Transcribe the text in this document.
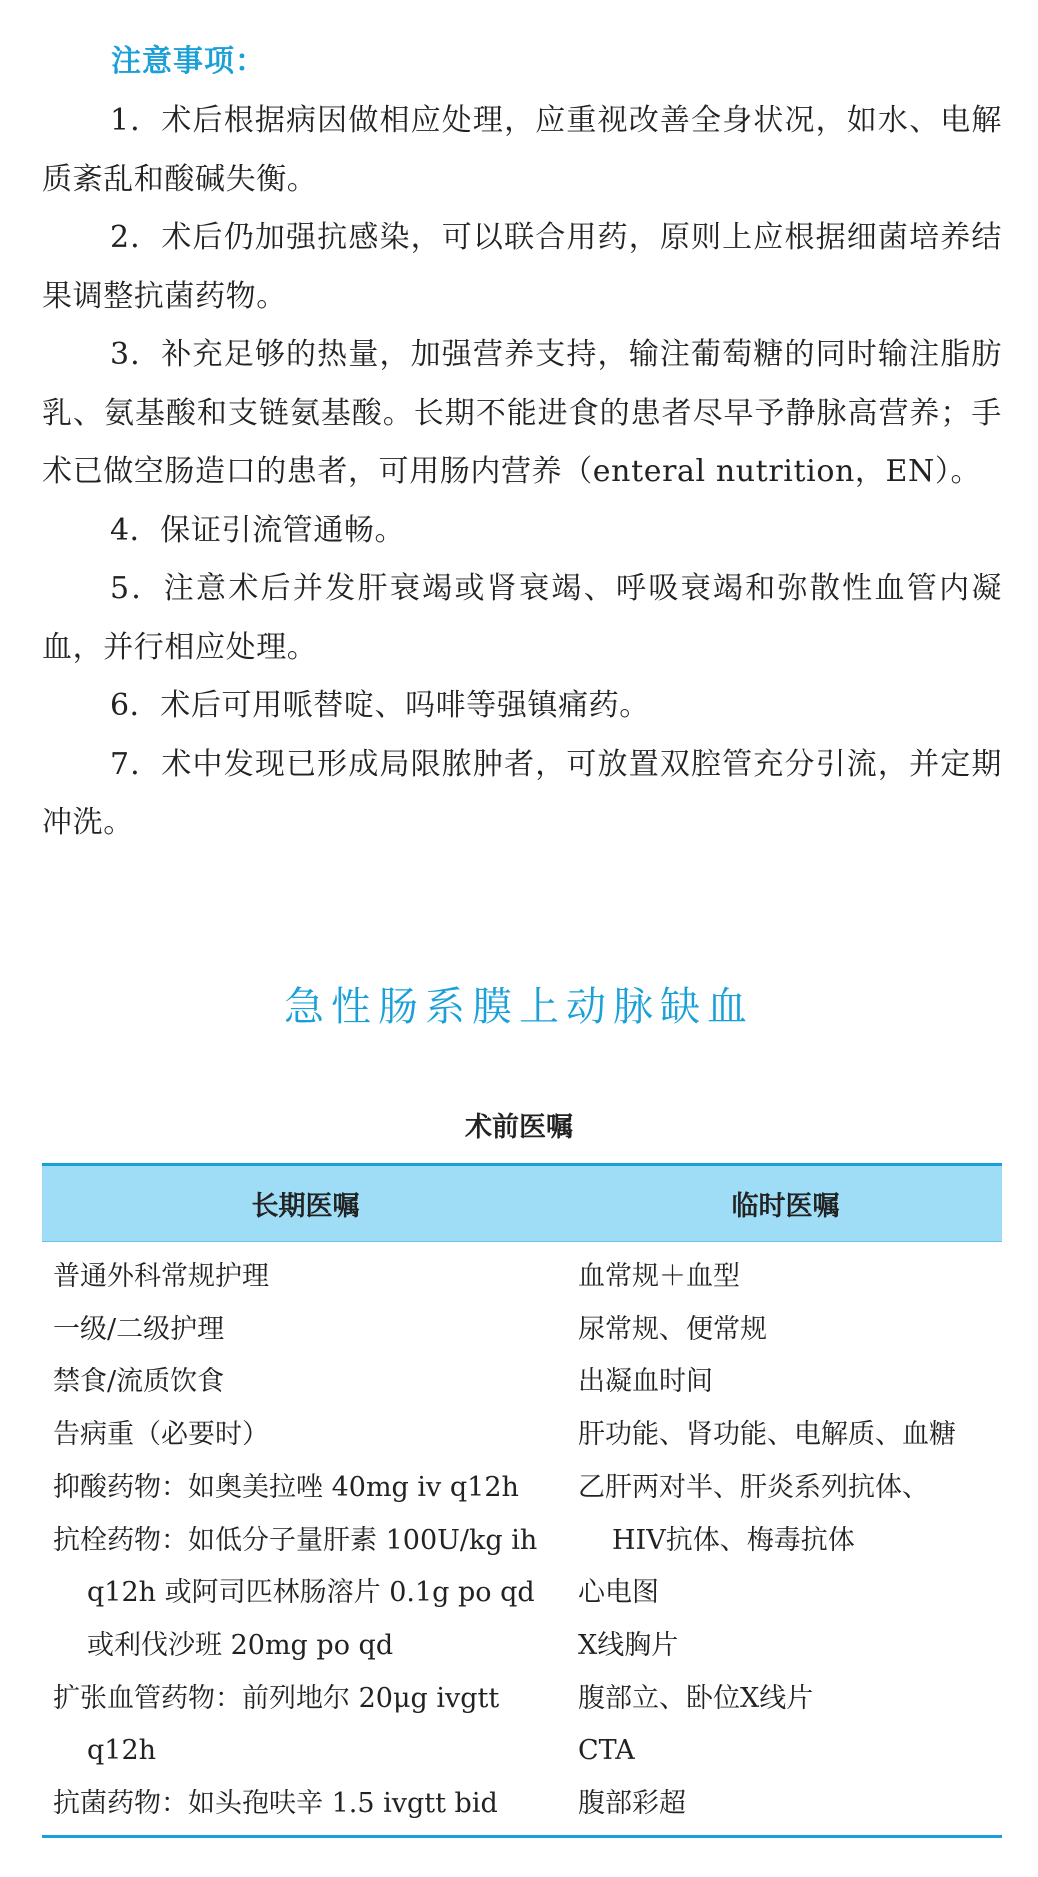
注意事项：

1．术后根据病因做相应处理，应重视改善全身状况，如水、电解质紊乱和酸碱失衡。

2．术后仍加强抗感染，可以联合用药，原则上应根据细菌培养结果调整抗菌药物。

3．补充足够的热量，加强营养支持，输注葡萄糖的同时输注脂肪乳、氨基酸和支链氨基酸。长期不能进食的患者尽早予静脉高营养；手术已做空肠造口的患者，可用肠内营养（enteral nutrition，EN）。

4．保证引流管通畅。

5．注意术后并发肝衰竭或肾衰竭、呼吸衰竭和弥散性血管内凝血，并行相应处理。

6．术后可用哌替啶、吗啡等强镇痛药。

7．术中发现已形成局限脓肿者，可放置双腔管充分引流，并定期冲洗。

急性肠系膜上动脉缺血
术前医嘱
长期医嘱	临时医嘱
普通外科常规护理
一级/二级护理
禁食/流质饮食
告病重（必要时）
抑酸药物：如奥美拉唑 40mg iv q12h
抗栓药物：如低分子量肝素 100U/kg ih
q12h 或阿司匹林肠溶片 0.1g po qd
或利伐沙班 20mg po qd
扩张血管药物：前列地尔 20μg ivgtt
q12h
抗菌药物：如头孢呋辛 1.5 ivgtt bid
血常规＋血型
尿常规、便常规
出凝血时间
肝功能、肾功能、电解质、血糖
乙肝两对半、肝炎系列抗体、
HIV抗体、梅毒抗体
心电图
X线胸片
腹部立、卧位X线片
CTA
腹部彩超
